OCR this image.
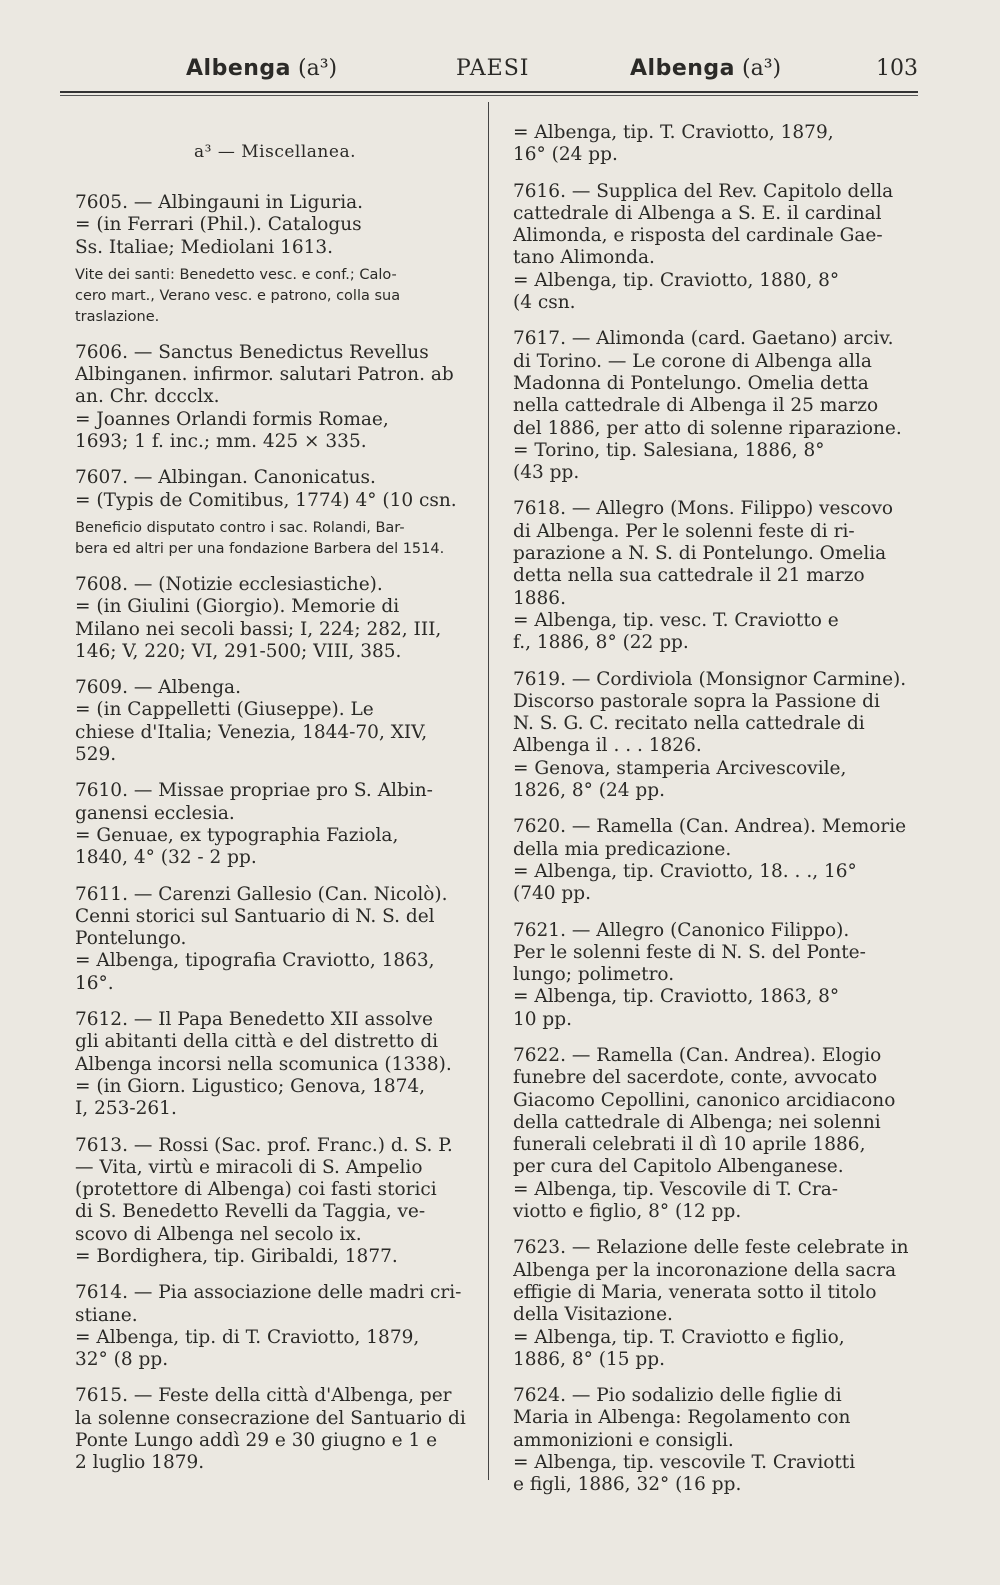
Albenga (a³)	PAESI	Albenga (a³)	103
a³ — Miscellanea.
7605. — Albingauni in Liguria.
= (in Ferrari (Phil.). Catalogus
Ss. Italiae; Mediolani 1613.
Vite dei santi: Benedetto vesc. e conf.; Calo-
cero mart., Verano vesc. e patrono, colla sua
traslazione.
7606. — Sanctus Benedictus Revellus
Albinganen. infirmor. salutari Patron. ab
an. Chr. dccclx.
= Joannes Orlandi formis Romae,
1693; 1 f. inc.; mm. 425 × 335.
7607. — Albingan. Canonicatus.
= (Typis de Comitibus, 1774) 4° (10 csn.
Beneficio disputato contro i sac. Rolandi, Bar-
bera ed altri per una fondazione Barbera del 1514.
7608. — (Notizie ecclesiastiche).
= (in Giulini (Giorgio). Memorie di
Milano nei secoli bassi; I, 224; 282, III,
146; V, 220; VI, 291-500; VIII, 385.
7609. — Albenga.
= (in Cappelletti (Giuseppe). Le
chiese d'Italia; Venezia, 1844-70, XIV,
529.
7610. — Missae propriae pro S. Albin-
ganensi ecclesia.
= Genuae, ex typographia Faziola,
1840, 4° (32 - 2 pp.
7611. — Carenzi Gallesio (Can. Nicolò).
Cenni storici sul Santuario di N. S. del
Pontelungo.
= Albenga, tipografia Craviotto, 1863,
16°.
7612. — Il Papa Benedetto XII assolve
gli abitanti della città e del distretto di
Albenga incorsi nella scomunica (1338).
= (in Giorn. Ligustico; Genova, 1874,
I, 253-261.
7613. — Rossi (Sac. prof. Franc.) d. S. P.
— Vita, virtù e miracoli di S. Ampelio
(protettore di Albenga) coi fasti storici
di S. Benedetto Revelli da Taggia, ve-
scovo di Albenga nel secolo ix.
= Bordighera, tip. Giribaldi, 1877.
7614. — Pia associazione delle madri cri-
stiane.
= Albenga, tip. di T. Craviotto, 1879,
32° (8 pp.
7615. — Feste della città d'Albenga, per
la solenne consecrazione del Santuario di
Ponte Lungo addì 29 e 30 giugno e 1 e
2 luglio 1879.
= Albenga, tip. T. Craviotto, 1879,
16° (24 pp.
7616. — Supplica del Rev. Capitolo della
cattedrale di Albenga a S. E. il cardinal
Alimonda, e risposta del cardinale Gae-
tano Alimonda.
= Albenga, tip. Craviotto, 1880, 8°
(4 csn.
7617. — Alimonda (card. Gaetano) arciv.
di Torino. — Le corone di Albenga alla
Madonna di Pontelungo. Omelia detta
nella cattedrale di Albenga il 25 marzo
del 1886, per atto di solenne riparazione.
= Torino, tip. Salesiana, 1886, 8°
(43 pp.
7618. — Allegro (Mons. Filippo) vescovo
di Albenga. Per le solenni feste di ri-
parazione a N. S. di Pontelungo. Omelia
detta nella sua cattedrale il 21 marzo
1886.
= Albenga, tip. vesc. T. Craviotto e
f., 1886, 8° (22 pp.
7619. — Cordiviola (Monsignor Carmine).
Discorso pastorale sopra la Passione di
N. S. G. C. recitato nella cattedrale di
Albenga il . . . 1826.
= Genova, stamperia Arcivescovile,
1826, 8° (24 pp.
7620. — Ramella (Can. Andrea). Memorie
della mia predicazione.
= Albenga, tip. Craviotto, 18. . ., 16°
(740 pp.
7621. — Allegro (Canonico Filippo).
Per le solenni feste di N. S. del Ponte-
lungo; polimetro.
= Albenga, tip. Craviotto, 1863, 8°
10 pp.
7622. — Ramella (Can. Andrea). Elogio
funebre del sacerdote, conte, avvocato
Giacomo Cepollini, canonico arcidiacono
della cattedrale di Albenga; nei solenni
funerali celebrati il dì 10 aprile 1886,
per cura del Capitolo Albenganese.
= Albenga, tip. Vescovile di T. Cra-
viotto e figlio, 8° (12 pp.
7623. — Relazione delle feste celebrate in
Albenga per la incoronazione della sacra
effigie di Maria, venerata sotto il titolo
della Visitazione.
= Albenga, tip. T. Craviotto e figlio,
1886, 8° (15 pp.
7624. — Pio sodalizio delle figlie di
Maria in Albenga: Regolamento con
ammonizioni e consigli.
= Albenga, tip. vescovile T. Craviotti
e figli, 1886, 32° (16 pp.
